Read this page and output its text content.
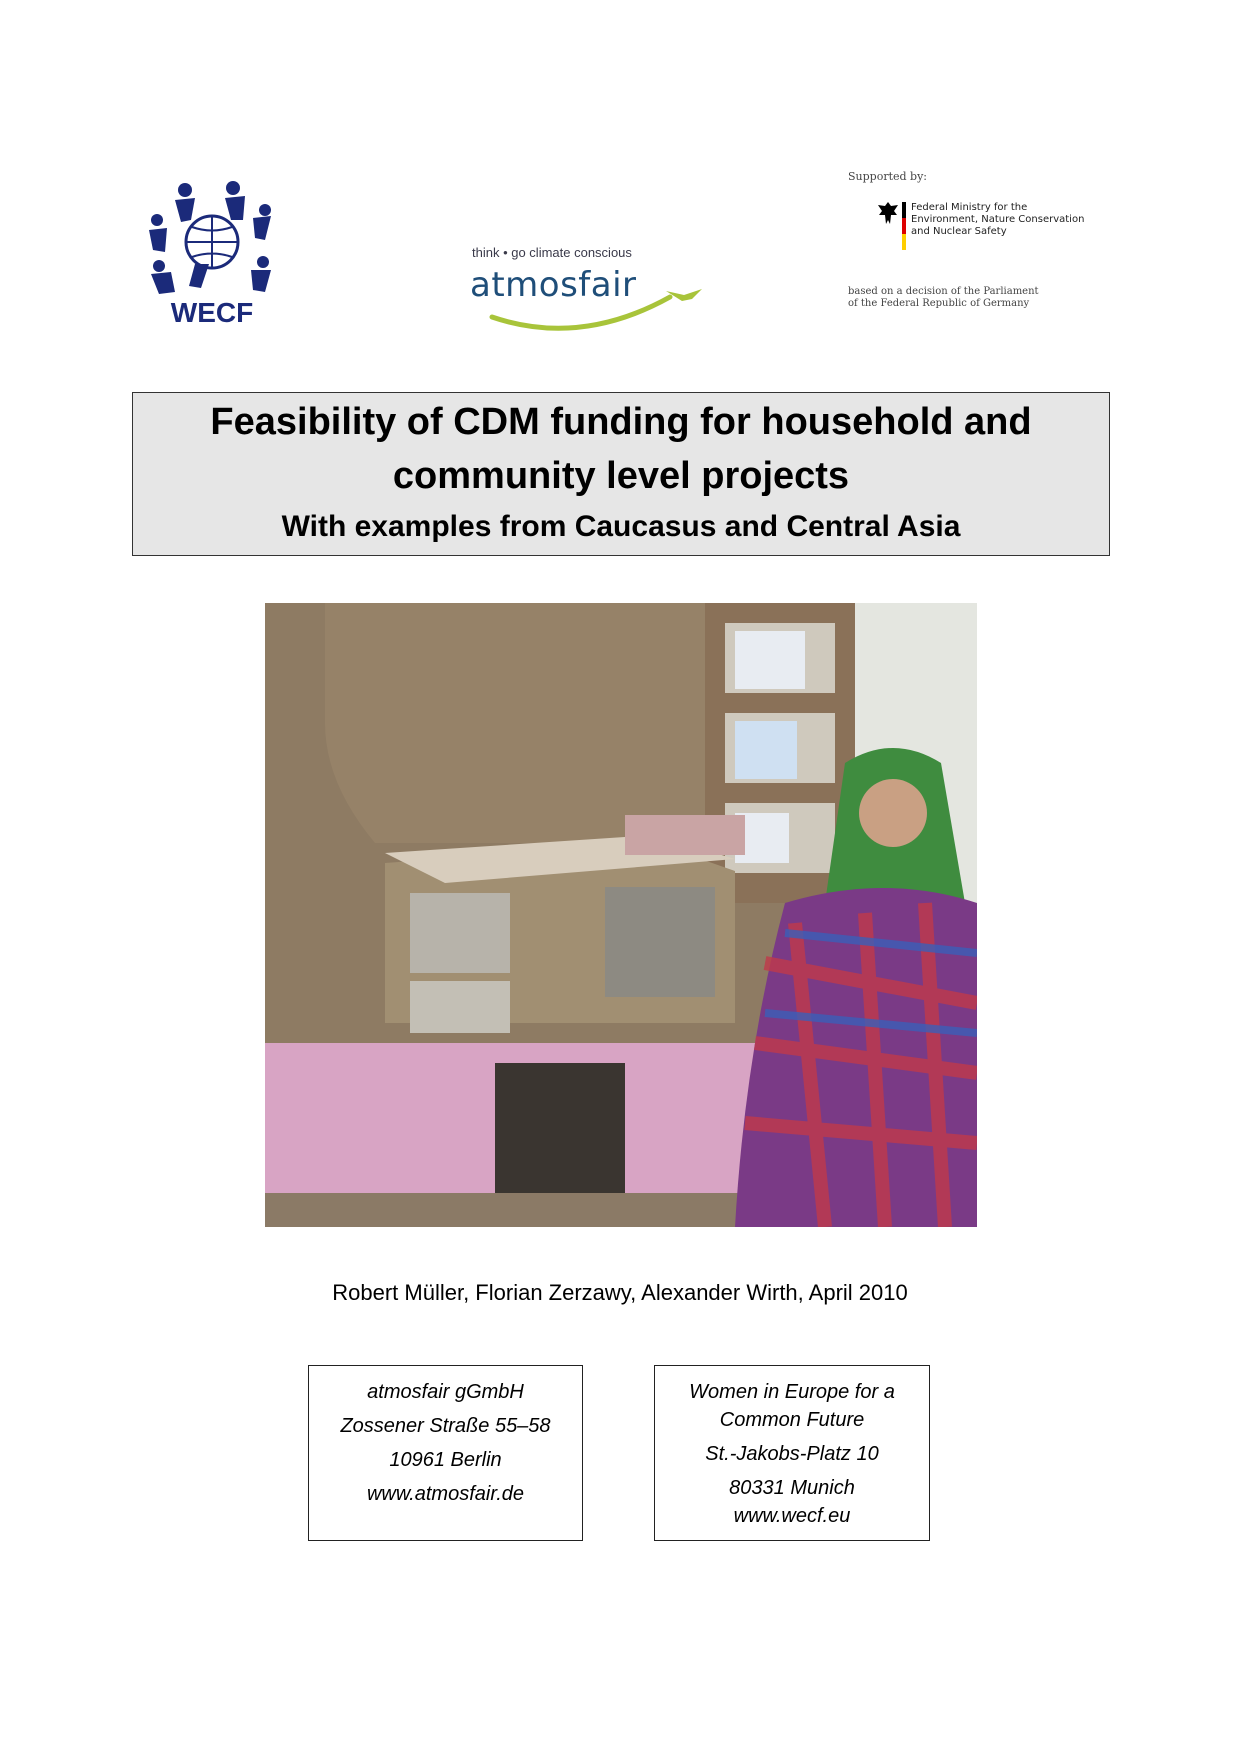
WECF
think • go climate conscious
atmosfair
Supported by:
Federal Ministry for the
Environment, Nature Conservation
and Nuclear Safety
based on a decision of the Parliament
of the Federal Republic of Germany
Feasibility of CDM funding for household and
community level projects
With examples from Caucasus and Central Asia
Robert Müller, Florian Zerzawy, Alexander Wirth, April 2010
atmosfair gGmbH
Zossener Straße 55–58
10961 Berlin
www.atmosfair.de
Women in Europe for a
Common Future
St.-Jakobs-Platz 10
80331 Munich
www.wecf.eu
